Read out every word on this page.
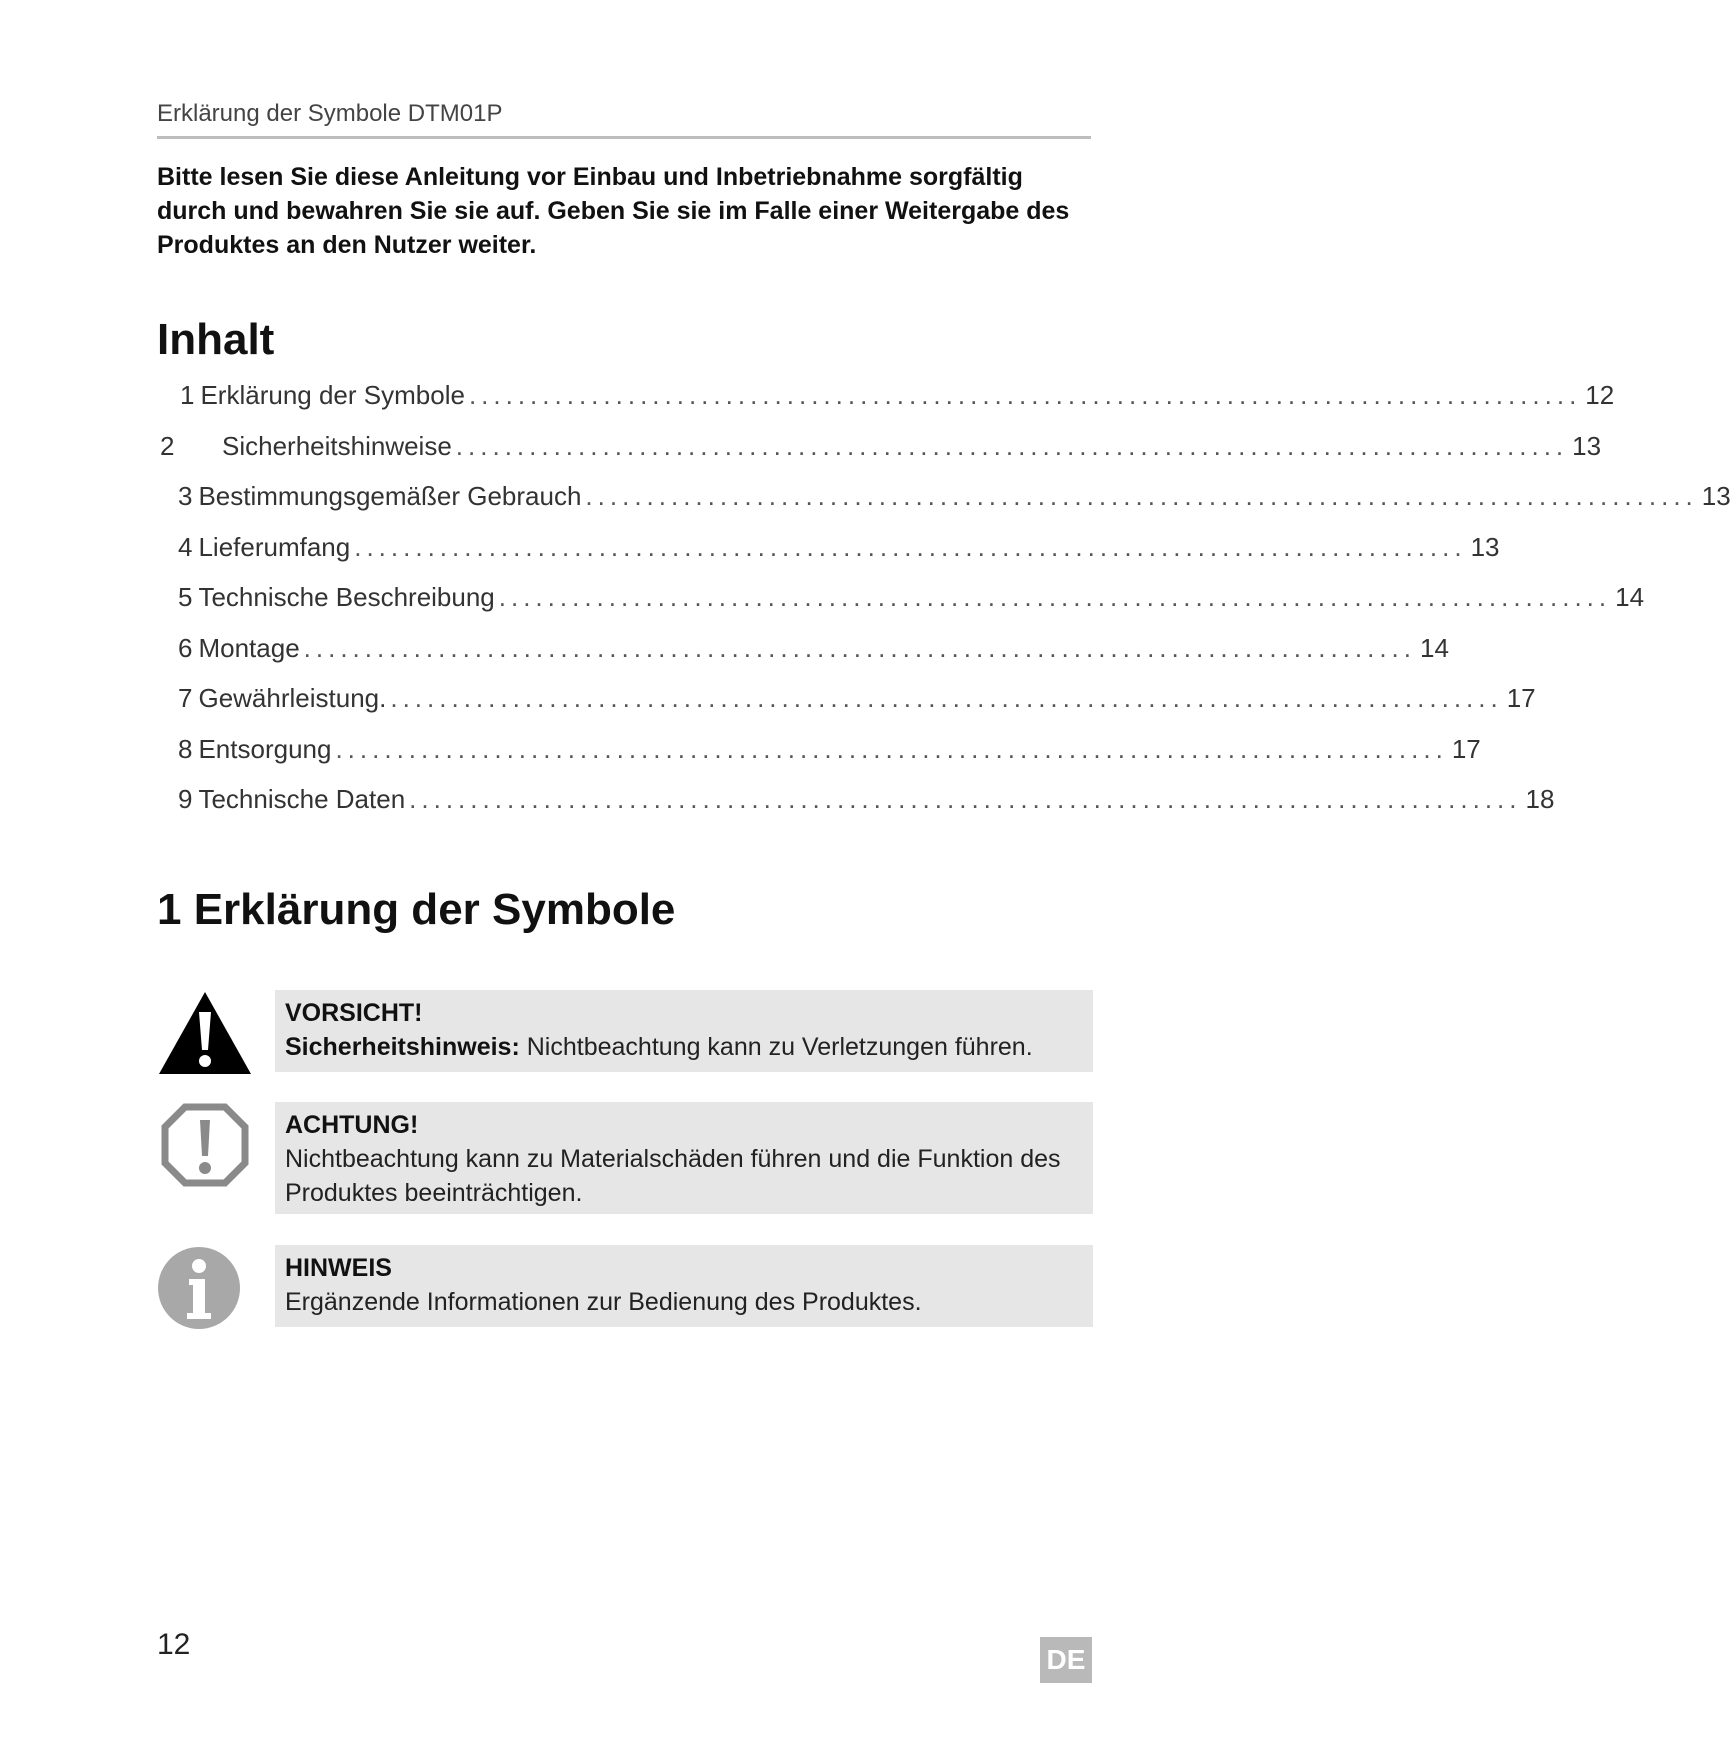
Erklärung der Symbole DTM01P
Bitte lesen Sie diese Anleitung vor Einbau und Inbetriebnahme sorgfältig durch und bewahren Sie sie auf. Geben Sie sie im Falle einer Weitergabe des Produktes an den Nutzer weiter.
Inhalt
1 Erklärung der Symbole ........................................................................................... 12
2	Sicherheitshinweise ........................................................................................... 13
3 Bestimmungsgemäßer Gebrauch ........................................................................................... 13
4 Lieferumfang ........................................................................................... 13
5 Technische Beschreibung ........................................................................................... 14
6 Montage ........................................................................................... 14
7 Gewährleistung. ........................................................................................... 17
8 Entsorgung ........................................................................................... 17
9 Technische Daten ........................................................................................... 18
1 Erklärung der Symbole
VORSICHT!
Sicherheitshinweis: Nichtbeachtung kann zu Verletzungen führen.
ACHTUNG!
Nichtbeachtung kann zu Materialschäden führen und die Funktion des Produktes beeinträchtigen.
HINWEIS
Ergänzende Informationen zur Bedienung des Produktes.
12	DE
